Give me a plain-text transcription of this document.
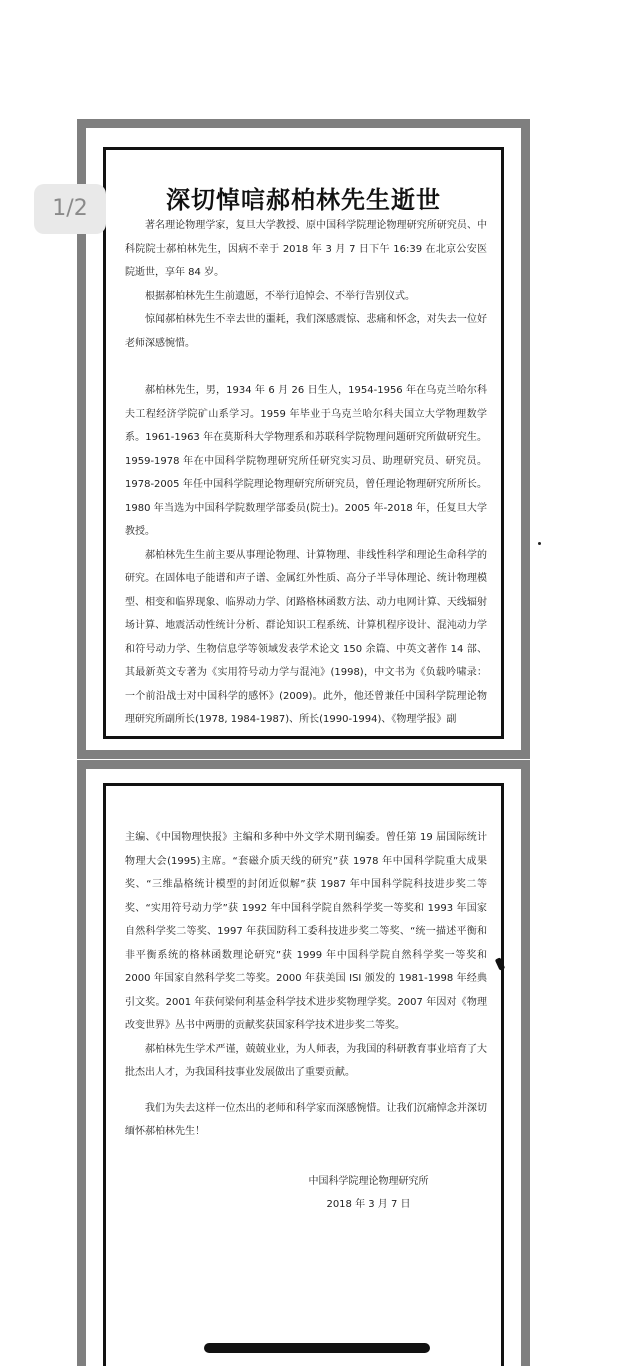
深切悼唁郝柏林先生逝世

著名理论物理学家，复旦大学教授、原中国科学院理论物理研究所研究员、中科院院士郝柏林先生，因病不幸于 2018 年 3 月 7 日下午 16:39 在北京公安医院逝世，享年 84 岁。

根据郝柏林先生生前遗愿，不举行追悼会、不举行告别仪式。

惊闻郝柏林先生不幸去世的噩耗，我们深感震惊、悲痛和怀念，对失去一位好老师深感惋惜。

郝柏林先生，男，1934 年 6 月 26 日生人，1954-1956 年在乌克兰哈尔科夫工程经济学院矿山系学习。1959 年毕业于乌克兰哈尔科夫国立大学物理数学系。1961-1963 年在莫斯科大学物理系和苏联科学院物理问题研究所做研究生。1959-1978 年在中国科学院物理研究所任研究实习员、助理研究员、研究员。1978-2005 年任中国科学院理论物理研究所研究员，曾任理论物理研究所所长。1980 年当选为中国科学院数理学部委员(院士)。2005 年-2018 年，任复旦大学教授。

郝柏林先生生前主要从事理论物理、计算物理、非线性科学和理论生命科学的研究。在固体电子能谱和声子谱、金属红外性质、高分子半导体理论、统计物理模型、相变和临界现象、临界动力学、闭路格林函数方法、动力电网计算、天线辐射场计算、地震活动性统计分析、群论知识工程系统、计算机程序设计、混沌动力学和符号动力学、生物信息学等领域发表学术论文 150 余篇、中英文著作 14 部、其最新英文专著为《实用符号动力学与混沌》(1998)，中文书为《负载吟啸录：一个前沿战士对中国科学的感怀》(2009)。此外，他还曾兼任中国科学院理论物理研究所副所长(1978, 1984-1987)、所长(1990-1994)、《物理学报》副

主编、《中国物理快报》主编和多种中外文学术期刊编委。曾任第 19 届国际统计物理大会(1995)主席。“套磁介质天线的研究”获 1978 年中国科学院重大成果奖、“三维晶格统计模型的封闭近似解”获 1987 年中国科学院科技进步奖二等奖、“实用符号动力学”获 1992 年中国科学院自然科学奖一等奖和 1993 年国家自然科学奖二等奖、1997 年获国防科工委科技进步奖二等奖、“统一描述平衡和非平衡系统的格林函数理论研究”获 1999 年中国科学院自然科学奖一等奖和 2000 年国家自然科学奖二等奖。2000 年获美国 ISI 颁发的 1981-1998 年经典引文奖。2001 年获何梁何利基金科学技术进步奖物理学奖。2007 年因对《物理改变世界》丛书中两册的贡献奖获国家科学技术进步奖二等奖。

郝柏林先生学术严谨，兢兢业业，为人师表，为我国的科研教育事业培育了大批杰出人才，为我国科技事业发展做出了重要贡献。

我们为失去这样一位杰出的老师和科学家而深感惋惜。让我们沉痛悼念并深切缅怀郝柏林先生！

中国科学院理论物理研究所
2018 年 3 月 7 日
1/2
